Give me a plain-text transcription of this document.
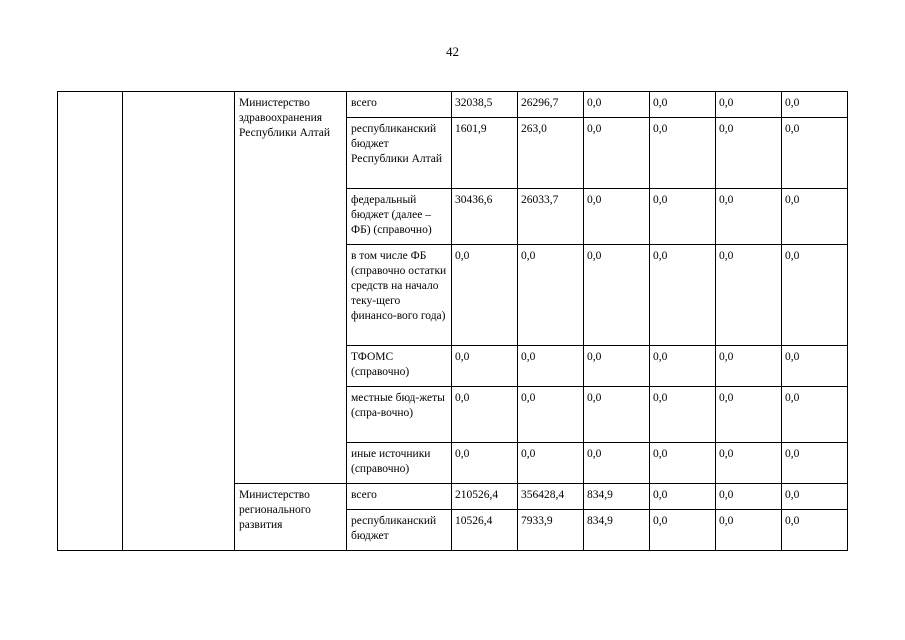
42
		Министерство здравоохранения Республики Алтай	всего	32038,5	26296,7	0,0	0,0	0,0	0,0
			республиканский бюджет Республики Алтай	1601,9	263,0	0,0	0,0	0,0	0,0
			федеральный бюджет (далее – ФБ) (справочно)	30436,6	26033,7	0,0	0,0	0,0	0,0
			в том числе ФБ (справочно остатки средств на начало теку-щего финансо-вого года)	0,0	0,0	0,0	0,0	0,0	0,0
			ТФОМС (справочно)	0,0	0,0	0,0	0,0	0,0	0,0
			местные бюд-жеты (спра-вочно)	0,0	0,0	0,0	0,0	0,0	0,0
			иные источники (справочно)	0,0	0,0	0,0	0,0	0,0	0,0
		Министерство регионального развития	всего	210526,4	356428,4	834,9	0,0	0,0	0,0
			республиканский бюджет	10526,4	7933,9	834,9	0,0	0,0	0,0
